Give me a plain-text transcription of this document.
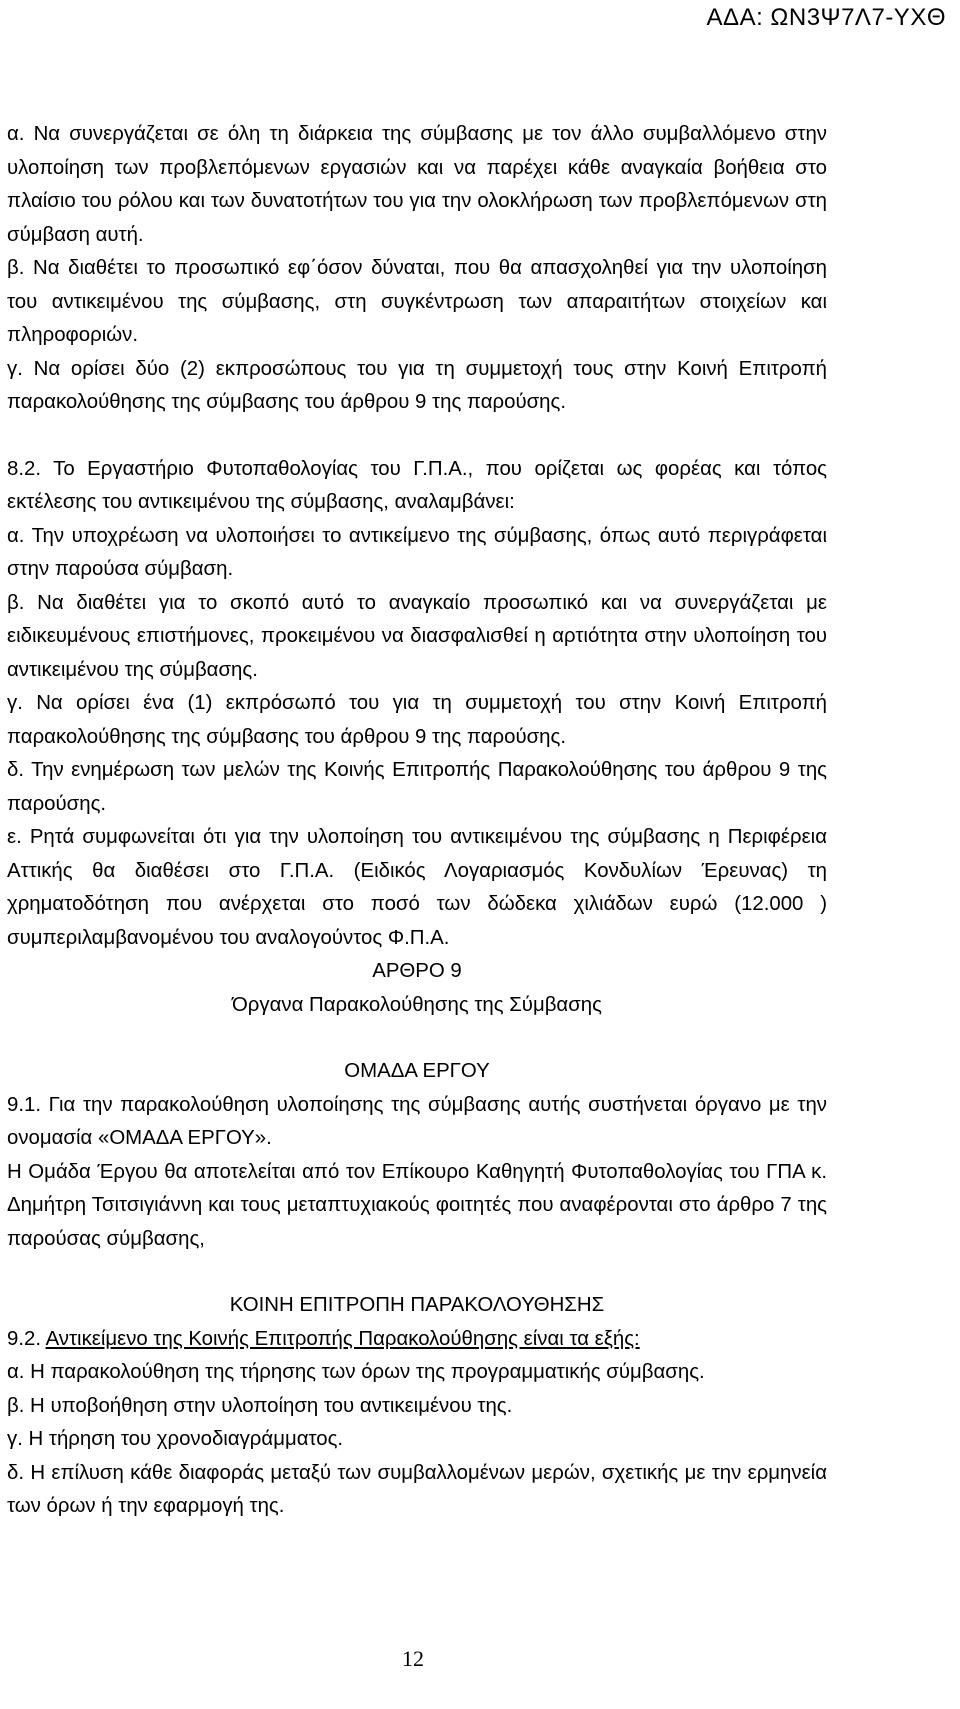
ΑΔΑ: ΩΝ3Ψ7Λ7-ΥΧΘ

α. Να συνεργάζεται σε όλη τη διάρκεια της σύμβασης με τον άλλο συμβαλλόμενο στην υλοποίηση των προβλεπόμενων εργασιών και να παρέχει κάθε αναγκαία βοήθεια στο πλαίσιο του ρόλου και των δυνατοτήτων του για την ολοκλήρωση των προβλεπόμενων στη σύμβαση αυτή.

β. Να διαθέτει το προσωπικό εφ΄όσον δύναται, που θα απασχοληθεί για την υλοποίηση του αντικειμένου της σύμβασης, στη συγκέντρωση των απαραιτήτων στοιχείων και πληροφοριών.

γ. Να ορίσει δύο (2) εκπροσώπους του για τη συμμετοχή τους στην Κοινή Επιτροπή παρακολούθησης της σύμβασης του άρθρου 9 της παρούσης.

8.2. Το Εργαστήριο Φυτοπαθολογίας του Γ.Π.Α., που ορίζεται ως φορέας και τόπος εκτέλεσης του αντικειμένου της σύμβασης, αναλαμβάνει:

α. Την υποχρέωση να υλοποιήσει το αντικείμενο της σύμβασης, όπως αυτό περιγράφεται στην παρούσα σύμβαση.

β. Να διαθέτει για το σκοπό αυτό το αναγκαίο προσωπικό και να συνεργάζεται με ειδικευμένους επιστήμονες, προκειμένου να διασφαλισθεί η αρτιότητα στην υλοποίηση του αντικειμένου της σύμβασης.

γ. Να ορίσει ένα (1) εκπρόσωπό του για τη συμμετοχή του στην Κοινή Επιτροπή παρακολούθησης της σύμβασης του άρθρου 9 της παρούσης.

δ. Την ενημέρωση των μελών της Κοινής Επιτροπής Παρακολούθησης του άρθρου 9 της παρούσης.

ε. Ρητά συμφωνείται ότι για την υλοποίηση του αντικειμένου της σύμβασης η Περιφέρεια Αττικής θα διαθέσει στο Γ.Π.Α. (Ειδικός Λογαριασμός Κονδυλίων Έρευνας) τη χρηματοδότηση που ανέρχεται στο ποσό των δώδεκα χιλιάδων ευρώ (12.000 ) συμπεριλαμβανομένου του αναλογούντος Φ.Π.Α.

ΑΡΘΡΟ 9

Όργανα Παρακολούθησης της Σύμβασης

ΟΜΑΔΑ ΕΡΓΟΥ

9.1. Για την παρακολούθηση υλοποίησης της σύμβασης αυτής συστήνεται όργανο με την ονομασία «ΟΜΑΔΑ ΕΡΓΟΥ».

Η Ομάδα Έργου θα αποτελείται από τον Επίκουρο Καθηγητή Φυτοπαθολογίας του ΓΠΑ κ. Δημήτρη Τσιτσιγιάννη και τους μεταπτυχιακούς φοιτητές που αναφέρονται στο άρθρο 7 της παρούσας σύμβασης,

ΚΟΙΝΗ ΕΠΙΤΡΟΠΗ ΠΑΡΑΚΟΛΟΥΘΗΣΗΣ

9.2. Αντικείμενο της Κοινής Επιτροπής Παρακολούθησης είναι τα εξής:

α. Η παρακολούθηση της τήρησης των όρων της προγραμματικής σύμβασης.

β. Η υποβοήθηση στην υλοποίηση του αντικειμένου της.

γ. Η τήρηση του χρονοδιαγράμματος.

δ. Η επίλυση κάθε διαφοράς μεταξύ των συμβαλλομένων μερών, σχετικής με την ερμηνεία των όρων ή την εφαρμογή της.

12
